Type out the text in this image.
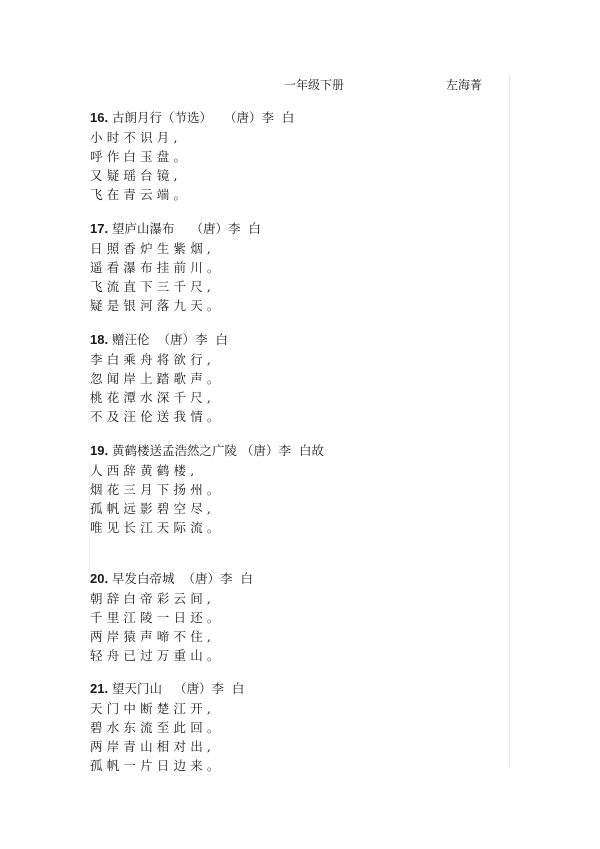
一年级下册	左海菁
16. 古朗月行（节选）   （唐）李  白
小时不识月,
呼作白玉盘。
又疑瑶台镜,
飞在青云端。
17. 望庐山瀑布    （唐）李  白
日照香炉生紫烟,
遥看瀑布挂前川。
飞流直下三千尺,
疑是银河落九天。
18. 赠汪伦  （唐）李  白
李白乘舟将欲行,
忽闻岸上踏歌声。
桃花潭水深千尺,
不及汪伦送我情。
19. 黄鹤楼送孟浩然之广陵 （唐）李  白故
人西辞黄鹤楼,
烟花三月下扬州。
孤帆远影碧空尽,
唯见长江天际流。
20. 早发白帝城  （唐）李  白
朝辞白帝彩云间,
千里江陵一日还。
两岸猿声啼不住,
轻舟已过万重山。
21. 望天门山   （唐）李  白
天门中断楚江开,
碧水东流至此回。
两岸青山相对出,
孤帆一片日边来。
